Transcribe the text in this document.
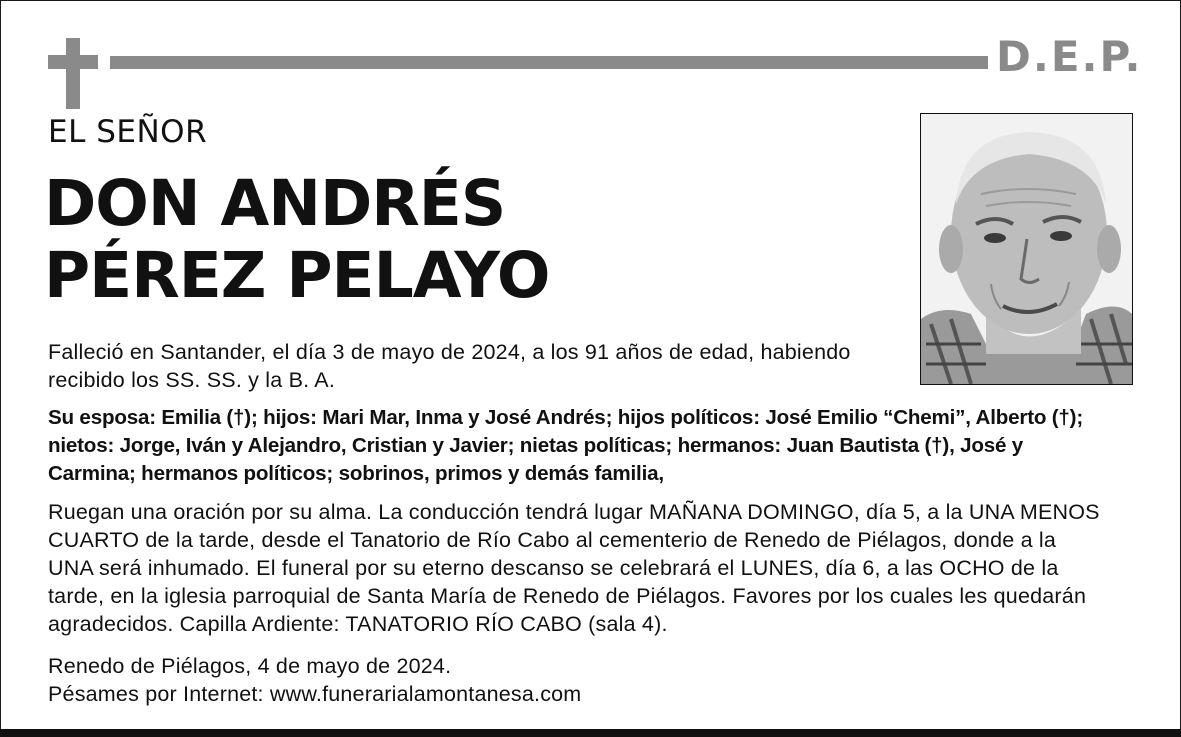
D.E.P.
EL SEÑOR
DON ANDRÉS
PÉREZ PELAYO

Falleció en Santander, el día 3 de mayo de 2024, a los 91 años de edad, habiendo

recibido los SS. SS. y la B. A.

Su esposa: Emilia (†); hijos: Mari Mar, Inma y José Andrés; hijos políticos: José Emilio “Chemi”, Alberto (†);

nietos: Jorge, Iván y Alejandro, Cristian y Javier; nietas políticas; hermanos: Juan Bautista (†), José y

Carmina; hermanos políticos; sobrinos, primos y demás familia,

Ruegan una oración por su alma. La conducción tendrá lugar MAÑANA DOMINGO, día 5, a la UNA MENOS

CUARTO de la tarde, desde el Tanatorio de Río Cabo al cementerio de Renedo de Piélagos, donde a la

UNA será inhumado. El funeral por su eterno descanso se celebrará el LUNES, día 6, a las OCHO de la

tarde, en la iglesia parroquial de Santa María de Renedo de Piélagos. Favores por los cuales les quedarán

agradecidos. Capilla Ardiente: TANATORIO RÍO CABO (sala 4).

Renedo de Piélagos, 4 de mayo de 2024.

Pésames por Internet: www.funerarialamontanesa.com
